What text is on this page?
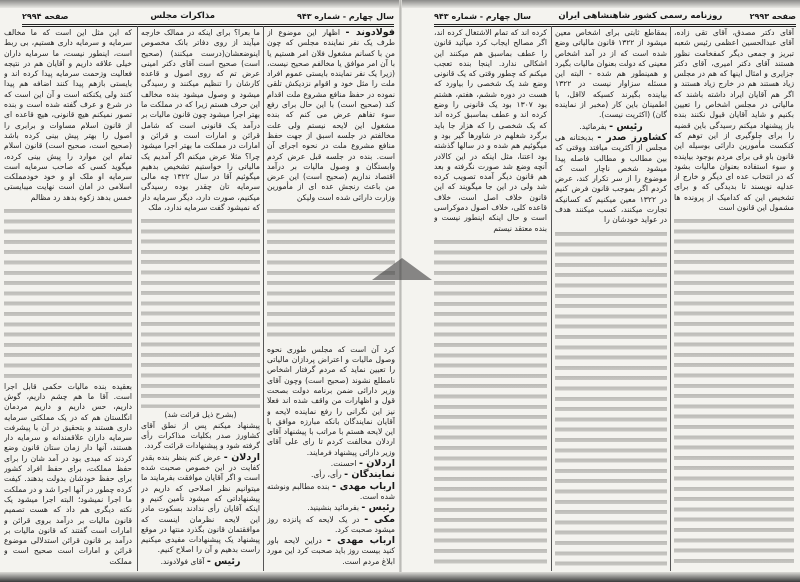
سال چهارم - شماره ۹۴۳
مذاکرات مجلس
صفحه ۲۹۹۴	صفحه ۲۹۹۳
روزنامه رسمی کشور شاهنشاهی ایران
سال چهارم - شماره ۹۴۳

که این مثل این است که ما مخالف سرمایه و سرمایه داری هستیم، بی ربط است، اینطور نیست، ما سرمایه داران خیلی علاقه داریم و آقایان هم در نتیجه فعالیت وزحمت سرمایه پیدا کرده اند و بایستی بازهم پیدا کنند اضافه هم پیدا کنند ولی یکنکته است و آن این است که در شرع و عرف گفته شده است و بنده تصور نمیکنم هیچ قانونی، هیچ قاعده ای از قانون اسلام مساوات و برابری را اصول را بهتر پیش بینی کرده باشد (صحیح است، صحیح است) قانون اسلام تمام این موارد را پیش بینی کرده، میگوید کسی که صاحب سرمایه است سرمایه او ملک او و خود خودمملکت اسلامی در امان است نهایت میبایستی خمس بدهد زکوة بدهد رد مظالم

بعقیده بنده مالیات حکمی قابل اجرا است. آقا ما هم چشم داریم، گوش داریم، حس داریم و داریم مردمان انگلستان هم که در یک مملکتی سرمایه داری هستند و بتحقیق در آن با پیشرفت سرمایه داران علاقمندانه و سرمایه دار هستند، آنها دار زمان ستان قانون وضع کردند که مبدی بود در آمد شان را برای حفظ مملکت، برای حفظ افراد کشور برای حفظ خودشان بدولت بدهند. کیفت کرده چطور در آنها اجرا شد و در مملکت ما اجرا نمیشود؛ البته اجرا میشود یک نکته دیگری هم داد که هست تصمیم قانون مالیات بر درآمد بروی قرائن و امارات است گفتند که قانون مالیات بر درآمد بر قانون قرائن استدلالی موضوع قرائن و امارات است صحیح است و مملکت

ما بعرا؟ برای اینکه در ممالک خارجه میآیند از روی دفاتر بانک مخصوص اینوضعشان(درست میکنند) (صحیح است) صحیح است آقای دکتر امینی عرض تم که روی اصول و قاعده کارشان را تنظیم میکنند و رسیدگی میشود و وصول میشود بنده مخالف این حرف هستم زیرا که در مملکت ما بهتر اجرا میشود چون قانون مالیات بر درآمد یک قانونی است که شامل قرائن و امارات است و قرائن و امارات در مملکت ما بهتر اجرا میشود چرا؟ مثلا عرض میکنم اگر آمدیم یک مالیاتی را خواستیم تشخیص بدهیم میگوئیم آقا در سال ۱۳۲۲ چه مالی سرمایه تان چقدر بوده رسیدگی میکنیم، صورت دارد، دیگر سرمایه دار که نمیشود گفت سرمایه ندارد، ملک

(بشرح ذیل قرائت شد)

پیشنهاد میکنم پس از نطق آقای کشاورز صدر بکلیات مذاکرات رأی گرفته شود و پیشنهادات قرائت گردد.

اردلان - عرض کنم بنظر بنده بقدر کفایت در این خصوص صحبت شده است و اگر آقایان موافقت بفرمایند ما میتوانیم نظر اصلاحی که داریم در پیشنهاداتی که میشود تأمین کنیم و اینکه آقایان رأی ندادند بسکوت مادر این لایحه نظرمان اینست که موافقتمان قانون بگذرد منتها در موقع پیشنهاد یک پیشنهادات مفیدی میکنیم راست بدهیم و آن را اصلاح کنیم.

رئیس - آقای فولادوند.

فولادوند - اظهار این موضوع از طرف یک نفر نماینده مجلس که چون من با کسانم مشغول فلان امر هستیم یا با آن امر موافق یا مخالفم صحیح نیست، (زیرا یک نفر نماینده بایستی عموم افراد ملت را مثل خود و اقوام نزدیکش تلقی نموده در حفظ منافع مشروع ملت اقدام کند (صحیح است) با این حال برای رفع سوء تفاهم عرض می کنم که بنده مشغول این لایحه نیستم ولی علت مخالفتم در جلسه اسبق از جهت حفظ منافع مشروع ملت در نحوه اجرای آن است. بنده در جلسه قبل عرض کردم وابستگان و وصول مالیات بر درآمد اقتصاد نداریم (صحیح است) این عرض من باعث رنجش عده ای از مأمورین وزارت دارائی شده است ولیکن

کرد آن است که مجلس طوری نحوه وصول مالیات و اعتراض پردازان مالیاتی را تعیین نماید که مردم گرفتار اشخاص نامطلع نشوند (صحیح است) وچون آقای وزیر دارائی ضمن برنامه دولت بصحت قول و اظهارات من واقف شده اند فعلا نیز این نگرانی را رفع نماینده لایحه و آقایان نمایندگان بانکه مبارزه موافق با این لایحه هستم با مراتب با پیشنهاد آقای اردلان مخالفت کردم تا رای علی آقای وزیر دارائی پیشنهاد فرمایند.

اردلان - احسنت.

نمایندگان - رأی، رأی.

ارباب مهدی - بنده مطالبم ونوشته شده است.

رئیس - بفرمائید بنشینید.

مکی - در یک لایحه که پانزده روز میشود صحبت کرد.

ارباب مهدی - دراین لایحه باور کنید بیست روز باید صحبت کرد این مورد ابلاغ مردم است.

کرده اند که تمام الاشتغال کرده اند، اگر مصالح ایجاب کرد میآئید قانون را عطف بماسبق هم میکنند این اشکالی ندارد. اینجا بنده تعجب میکنم که چطور وقتی که یک قانونی وضع شد یک شخصی را بیاورد که هست در دوره ششم، هفتم، هشتم بود ۱۳۰۷ بود یک قانونی را وضع کرده اند و عطف بماسبق کرده اند که یک شخصی را که هزار جا باید برگرد شغلهم در شاورها گیر بود و میگوئیم هم شده و در سالها گذشته بود اعتنا، مثل اینکه در این کالادر آنچه وضع شد صورت نگرفته و بعد هم قانون دیگر آمده تصویب کرده شد ولی در این جا میگویند که این قانون خلاف اصل است، خلاف قاعده کلی، خلاف اصول دموکراسی است و حال اینکه اینطور نیست و بنده معتقد نیستم

بمقاطع ثابتی برای اشخاص معین میشود از ۱۳۲۲ قانون مالیاتی وضع شده است که از در آمد اشخاص معینی که دولت بعنوان مالیات بگیرد و همینطور هم شده - البته این مسئله سزاوار نیست در ۱۳۲۲ بیاینده بگیرند کسیکه لااقل، با اطمینان باین کار (مخبر از نماینده گان) (اکثریت نیست).

رئیس - بفرمائید.

کشاورز صدر - بدبختانه هی مجلس از اکثریت میافتد ووقتی که بین مطالب و مطالب فاصله پیدا میشود شخص ناچار است که موضوع را از سر تکرار کند، عرض کردم اگر بموجب قانون فرض کنیم در ۱۳۲۲ معین میکنیم که کسانیکه تجارت میکنند، کسب میکنند هدف در عواید خودشان را

آقای دکتر مصدق، آقای تقی زاده، آقای عبدالحسین اعظمی رئیس شعبه تبریز و جمعی دیگر کمفخامت نظور هستند آقای دکتر امیری، آقای دکتر جزایری و امثال اینها که هم در مجلس زیاد هستند هم در خارج زیاد هستند و اگر هم آقایان ایراد داشته باشند که مالیاتی در مجلس اشخاص را تعیین بکنیم و شاید آقایان قبول نکنند بنده باز پیشنهاد میکنم رسیدگی باین قضیه را برای جلوگیری از این توهم که کنکست مأمورین دارائی بوسیله این قانون باو قی برای مردم بوجود بیاینده و سوء استفاده بعنوان مالیات بشود که در انتخاب عده ای دیگر و خارج از عدلیه نویسند تا بدیدگی که و برای تشخیص این که کدامیک از پرونده ها مشمول این قانون است
